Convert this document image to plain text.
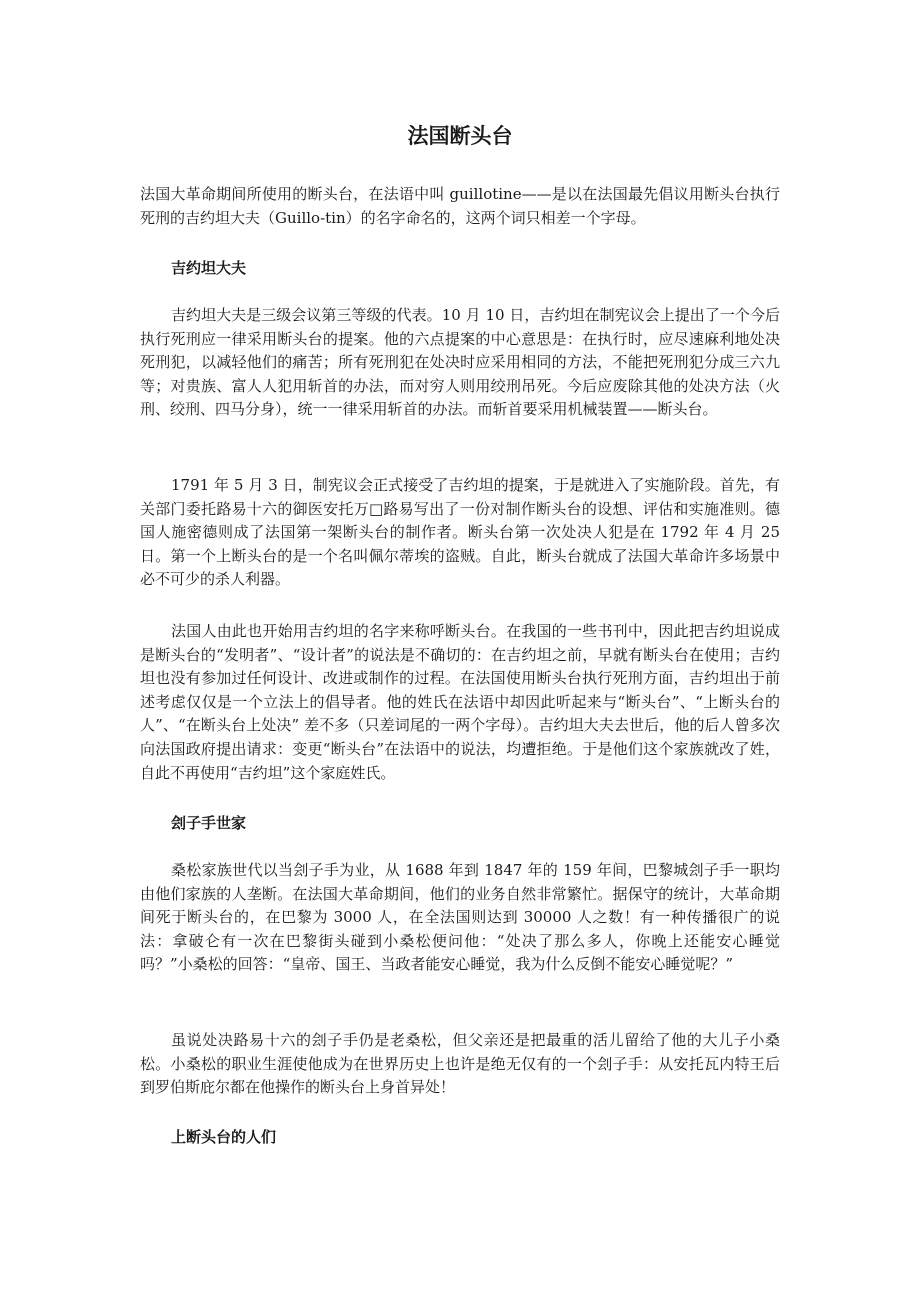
法国断头台

法国大革命期间所使用的断头台，在法语中叫 guillotine——是以在法国最先倡议用断头台执行死刑的吉约坦大夫（Guillo-tin）的名字命名的，这两个词只相差一个字母。

吉约坦大夫

吉约坦大夫是三级会议第三等级的代表。10 月 10 日，吉约坦在制宪议会上提出了一个今后执行死刑应一律采用断头台的提案。他的六点提案的中心意思是：在执行时，应尽速麻利地处决死刑犯，以减轻他们的痛苦；所有死刑犯在处决时应采用相同的方法，不能把死刑犯分成三六九等；对贵族、富人人犯用斩首的办法，而对穷人则用绞刑吊死。今后应废除其他的处决方法（火刑、绞刑、四马分身），统一一律采用斩首的办法。而斩首要采用机械装置——断头台。

1791 年 5 月 3 日，制宪议会正式接受了吉约坦的提案，于是就进入了实施阶段。首先，有关部门委托路易十六的御医安托万□路易写出了一份对制作断头台的设想、评估和实施准则。德国人施密德则成了法国第一架断头台的制作者。断头台第一次处决人犯是在 1792 年 4 月 25 日。第一个上断头台的是一个名叫佩尔蒂埃的盗贼。自此，断头台就成了法国大革命许多场景中必不可少的杀人利器。

法国人由此也开始用吉约坦的名字来称呼断头台。在我国的一些书刊中，因此把吉约坦说成是断头台的“发明者”、“设计者”的说法是不确切的：在吉约坦之前，早就有断头台在使用；吉约坦也没有参加过任何设计、改进或制作的过程。在法国使用断头台执行死刑方面，吉约坦出于前述考虑仅仅是一个立法上的倡导者。他的姓氏在法语中却因此听起来与“断头台”、“上断头台的人”、“在断头台上处决” 差不多（只差词尾的一两个字母）。吉约坦大夫去世后，他的后人曾多次向法国政府提出请求：变更“断头台”在法语中的说法，均遭拒绝。于是他们这个家族就改了姓，自此不再使用“吉约坦”这个家庭姓氏。

刽子手世家

桑松家族世代以当刽子手为业，从 1688 年到 1847 年的 159 年间，巴黎城刽子手一职均由他们家族的人垄断。在法国大革命期间，他们的业务自然非常繁忙。据保守的统计，大革命期间死于断头台的，在巴黎为 3000 人，在全法国则达到 30000 人之数！有一种传播很广的说法：拿破仑有一次在巴黎街头碰到小桑松便问他：“处决了那么多人，你晚上还能安心睡觉吗？”小桑松的回答：“皇帝、国王、当政者能安心睡觉，我为什么反倒不能安心睡觉呢？”

虽说处决路易十六的刽子手仍是老桑松，但父亲还是把最重的活儿留给了他的大儿子小桑松。小桑松的职业生涯使他成为在世界历史上也许是绝无仅有的一个刽子手：从安托瓦内特王后到罗伯斯庇尔都在他操作的断头台上身首异处！

上断头台的人们
